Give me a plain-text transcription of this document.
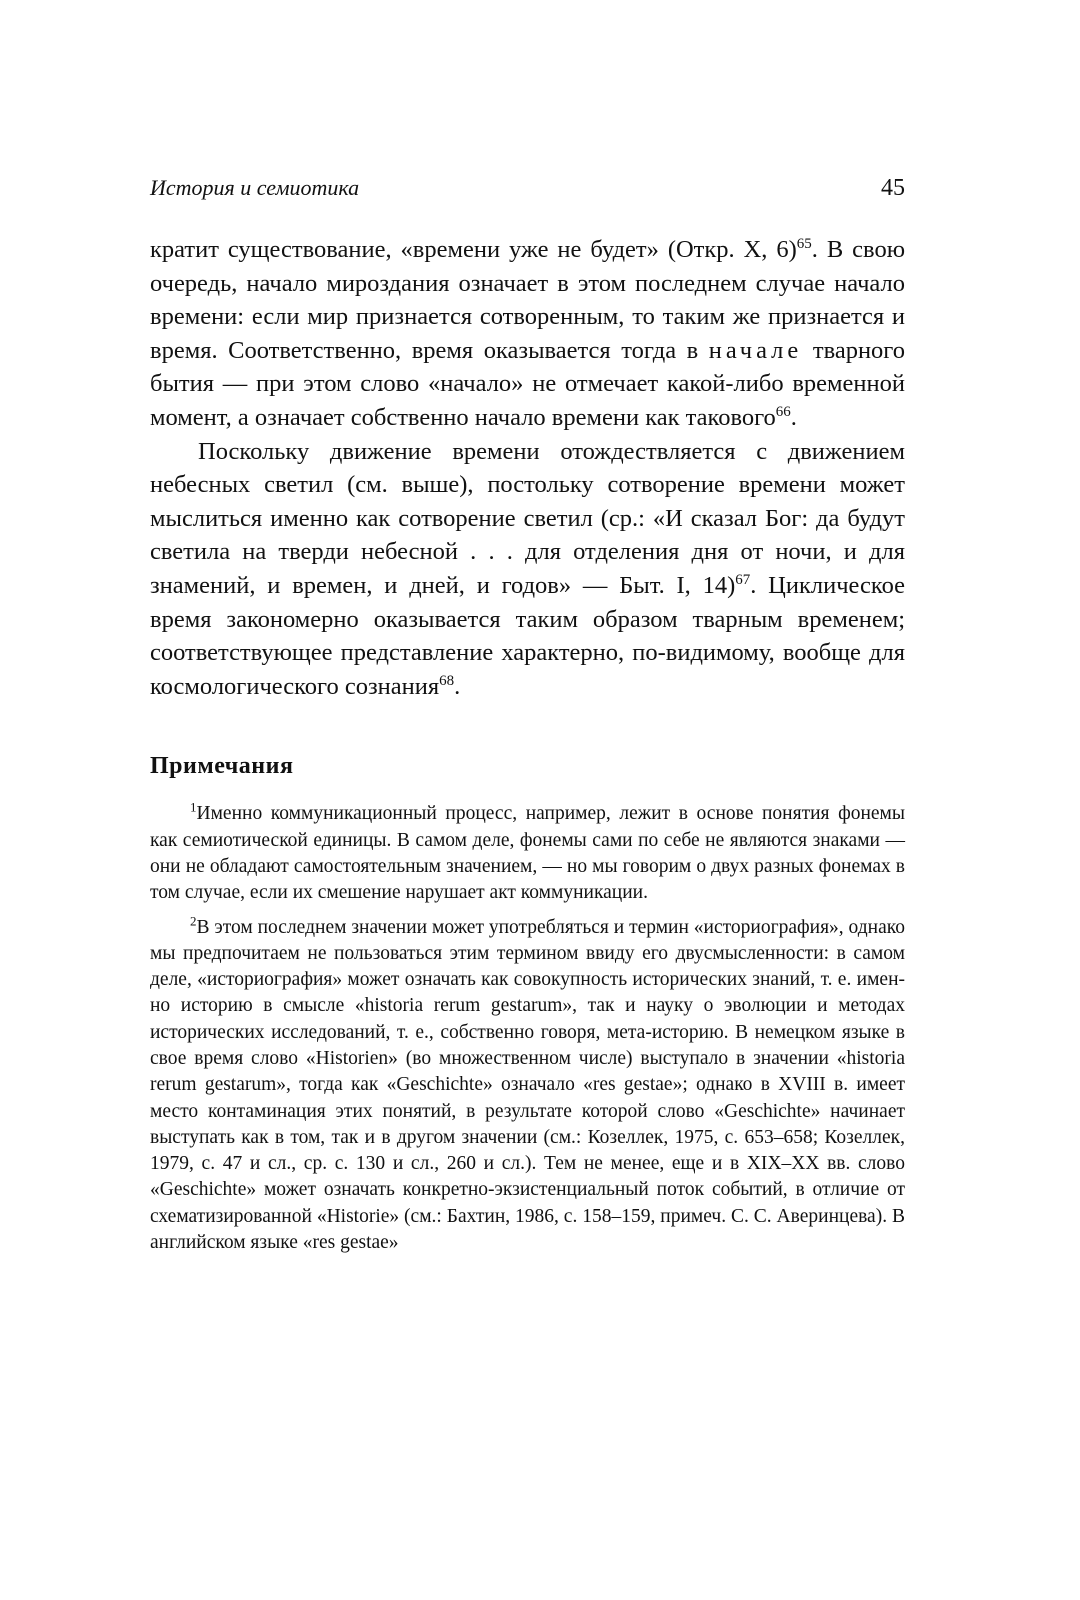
История и семиотика	45

кратит существование, «времени уже не будет» (Откр. X, 6)$^{65}$. В свою очередь, начало мироздания означает в этом последнем случае начало времени: если мир признается сотворенным, то таким же признается и время. Соответственно, время оказывается тогда в начале тварного бытия — при этом слово «начало» не отмечает какой-либо временной момент, а означает собственно начало времени как такового$^{66}$.

Поскольку движение времени отождествляется с движением небесных светил (см. выше), постольку сотворение времени может мыслиться именно как сотворение светил (ср.: «И сказал Бог: да будут светила на тверди небесной . . . для отделения дня от ночи, и для знамений, и времен, и дней, и годов» — Быт. I, 14)$^{67}$. Циклическое время закономерно оказывается таким образом тварным временем; соответствующее представление характерно, по-видимому, вообще для космологического сознания$^{68}$.

Примечания

$^1$Именно коммуникационный процесс, например, лежит в основе понятия фонемы как семиотической единицы. В самом деле, фонемы сами по себе не являются знаками — они не обладают самостоятельным значением, — но мы говорим о двух разных фонемах в том случае, если их смешение нарушает акт коммуникации.

$^2$В этом последнем значении может употребляться и термин «историография», однако мы предпочитаем не пользоваться этим термином ввиду его двусмысленности: в самом деле, «историография» может означать как совокупность исторических знаний, т. е. именно историю в смысле «historia rerum gestarum», так и науку о эволюции и методах исторических исследований, т. е., собственно говоря, мета-историю. В немецком языке в свое время слово «Historien» (во множественном числе) выступало в значении «historia rerum gestarum», тогда как «Geschichte» означало «res gestae»; однако в XVIII в. имеет место контаминация этих понятий, в результате которой слово «Geschichte» начинает выступать как в том, так и в другом значении (см.: Козеллек, 1975, с. 653–658; Козеллек, 1979, с. 47 и сл., ср. с. 130 и сл., 260 и сл.). Тем не менее, еще и в XIX–XX вв. слово «Geschichte» может означать конкретно-экзистенциальный поток событий, в отличие от схематизированной «Historie» (см.: Бахтин, 1986, с. 158–159, примеч. С. С. Аверинцева). В английском языке «res gestae»
